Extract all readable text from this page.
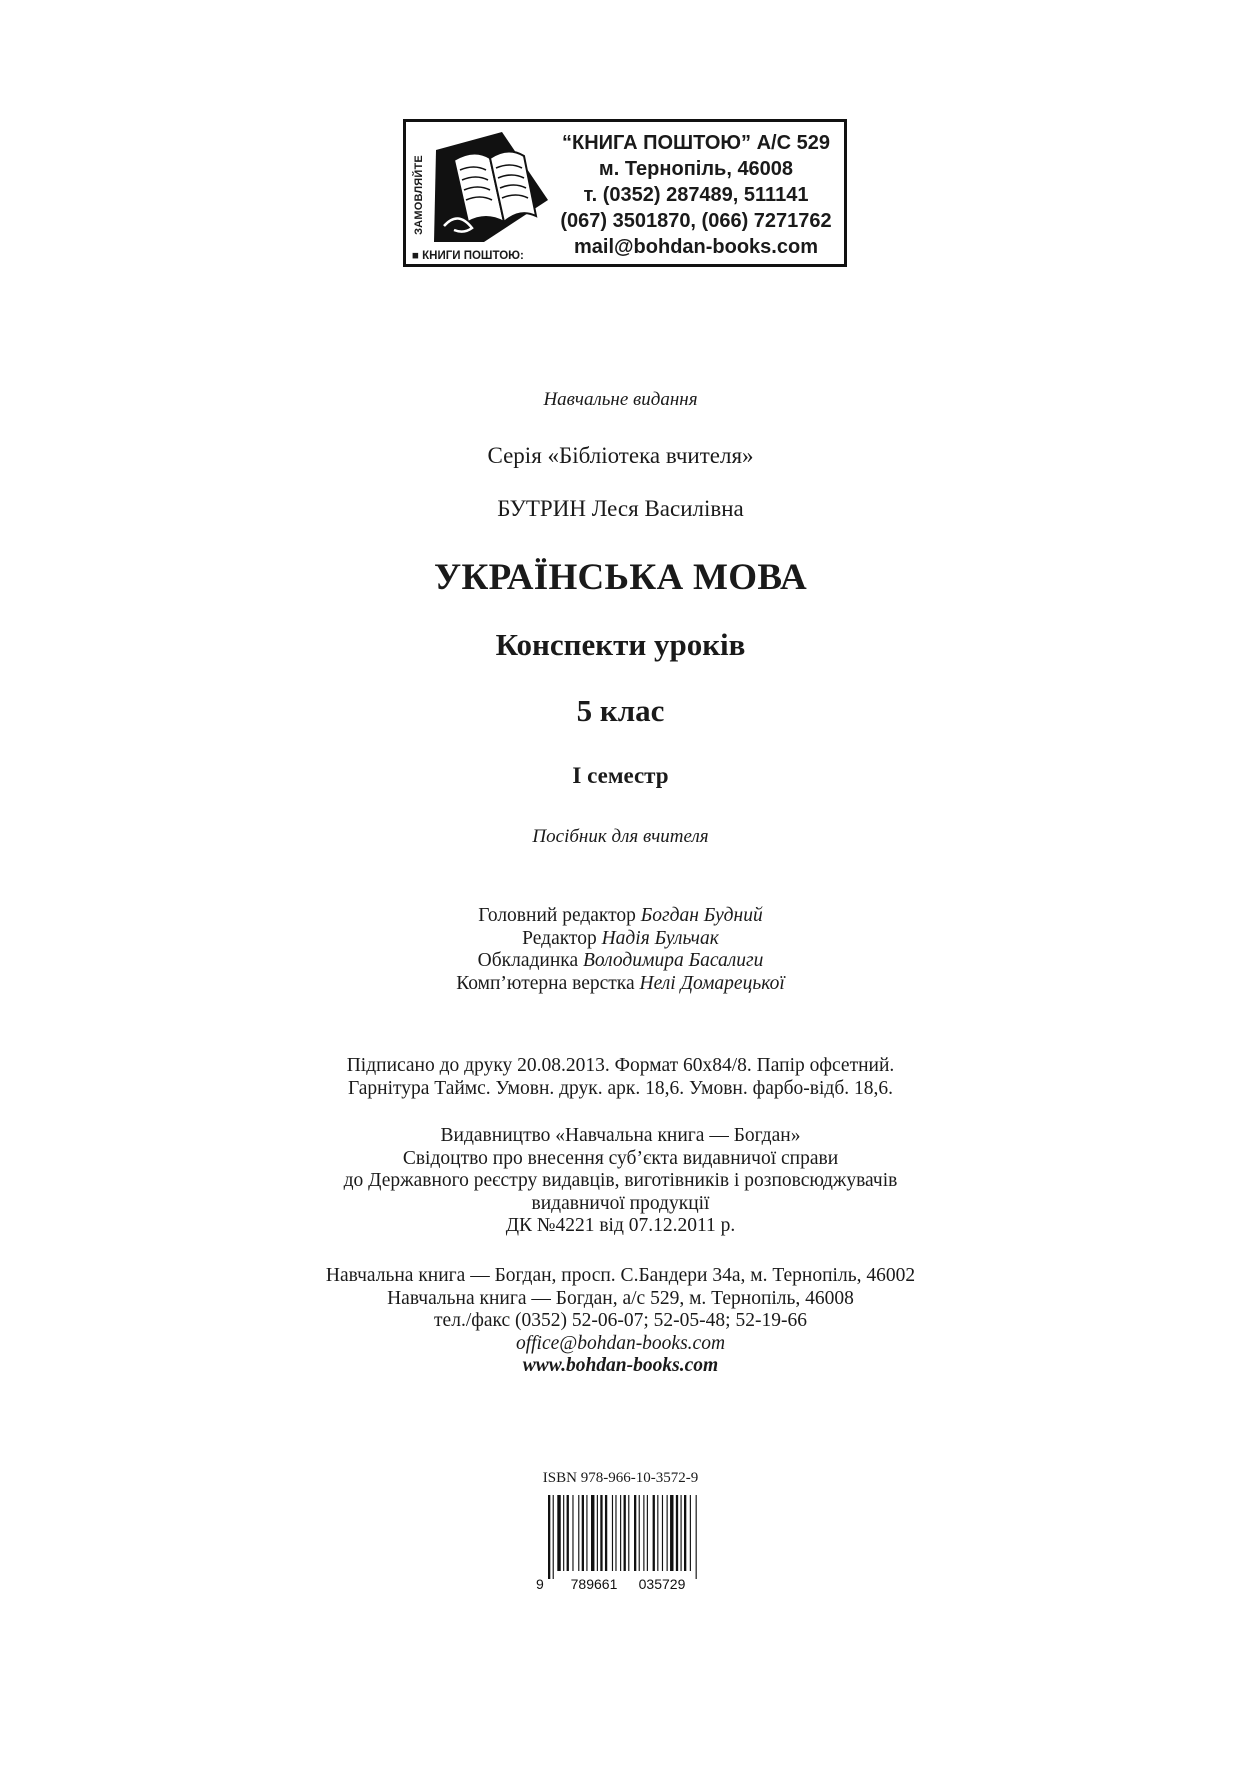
ЗАМОВЛЯЙТЕ
“КНИГА ПОШТОЮ” А/С 529
м. Тернопіль, 46008
т. (0352) 287489, 511141
(067) 3501870, (066) 7271762
mail@bohdan-books.com
■ КНИГИ ПОШТОЮ:
Навчальне видання
Серія «Бібліотека вчителя»
БУТРИН Леся Василівна
УКРАЇНСЬКА МОВА
Конспекти уроків
5 клас
І семестр
Посібник для вчителя
Головний редактор Богдан Будний
Редактор Надія Бульчак
Обкладинка Володимира Басалиги
Комп’ютерна верстка Нелі Домарецької
Підписано до друку 20.08.2013. Формат 60х84/8. Папір офсетний.
Гарнітура Таймс. Умовн. друк. арк. 18,6. Умовн. фарбо-відб. 18,6.
Видавництво «Навчальна книга — Богдан»
Свідоцтво про внесення суб’єкта видавничої справи
до Державного реєстру видавців, виготівників і розповсюджувачів
видавничої продукції
ДК №4221 від 07.12.2011 р.
Навчальна книга — Богдан, просп. С.Бандери 34а, м. Тернопіль, 46002
Навчальна книга — Богдан, а/с 529, м. Тернопіль, 46008
тел./факс (0352) 52-06-07; 52-05-48; 52-19-66
office@bohdan-books.com
www.bohdan-books.com
ISBN 978-966-10-3572-9
9 789661 035729
